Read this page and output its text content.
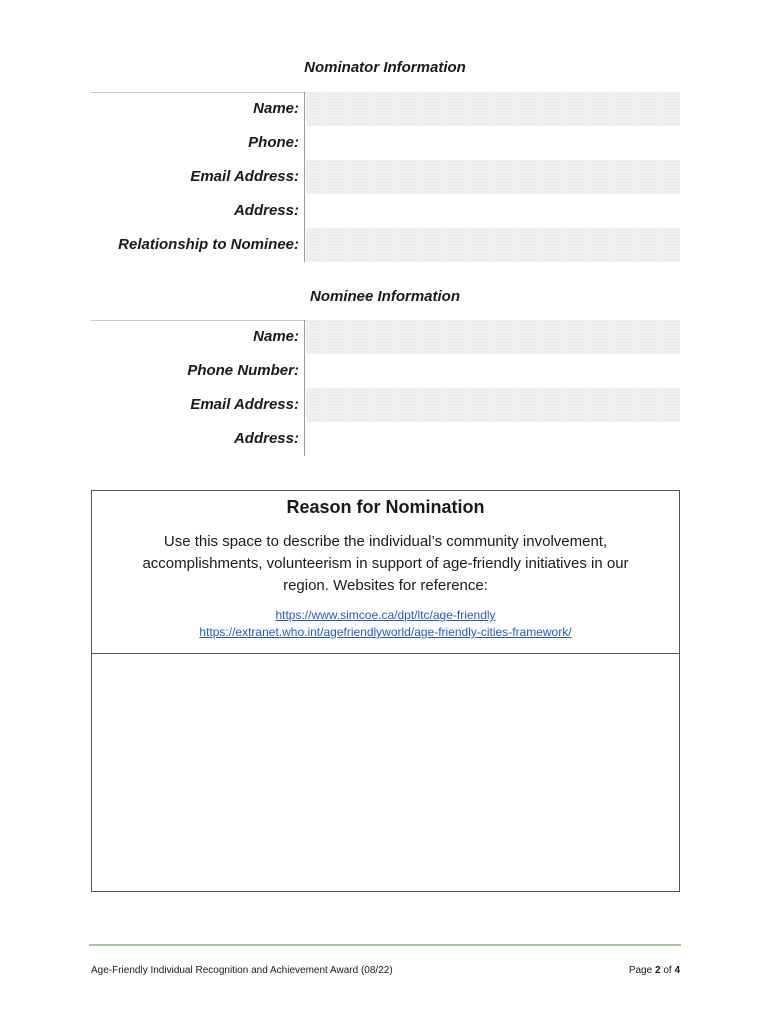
Nominator Information
Name:
Phone:
Email Address:
Address:
Relationship to Nominee:
Nominee Information
Name:
Phone Number:
Email Address:
Address:
Reason for Nomination
Use this space to describe the individual’s community involvement, accomplishments, volunteerism in support of age-friendly initiatives in our region. Websites for reference:
https://www.simcoe.ca/dpt/ltc/age-friendly
https://extranet.who.int/agefriendlyworld/age-friendly-cities-framework/
Age-Friendly Individual Recognition and Achievement Award (08/22)	Page 2 of 4
